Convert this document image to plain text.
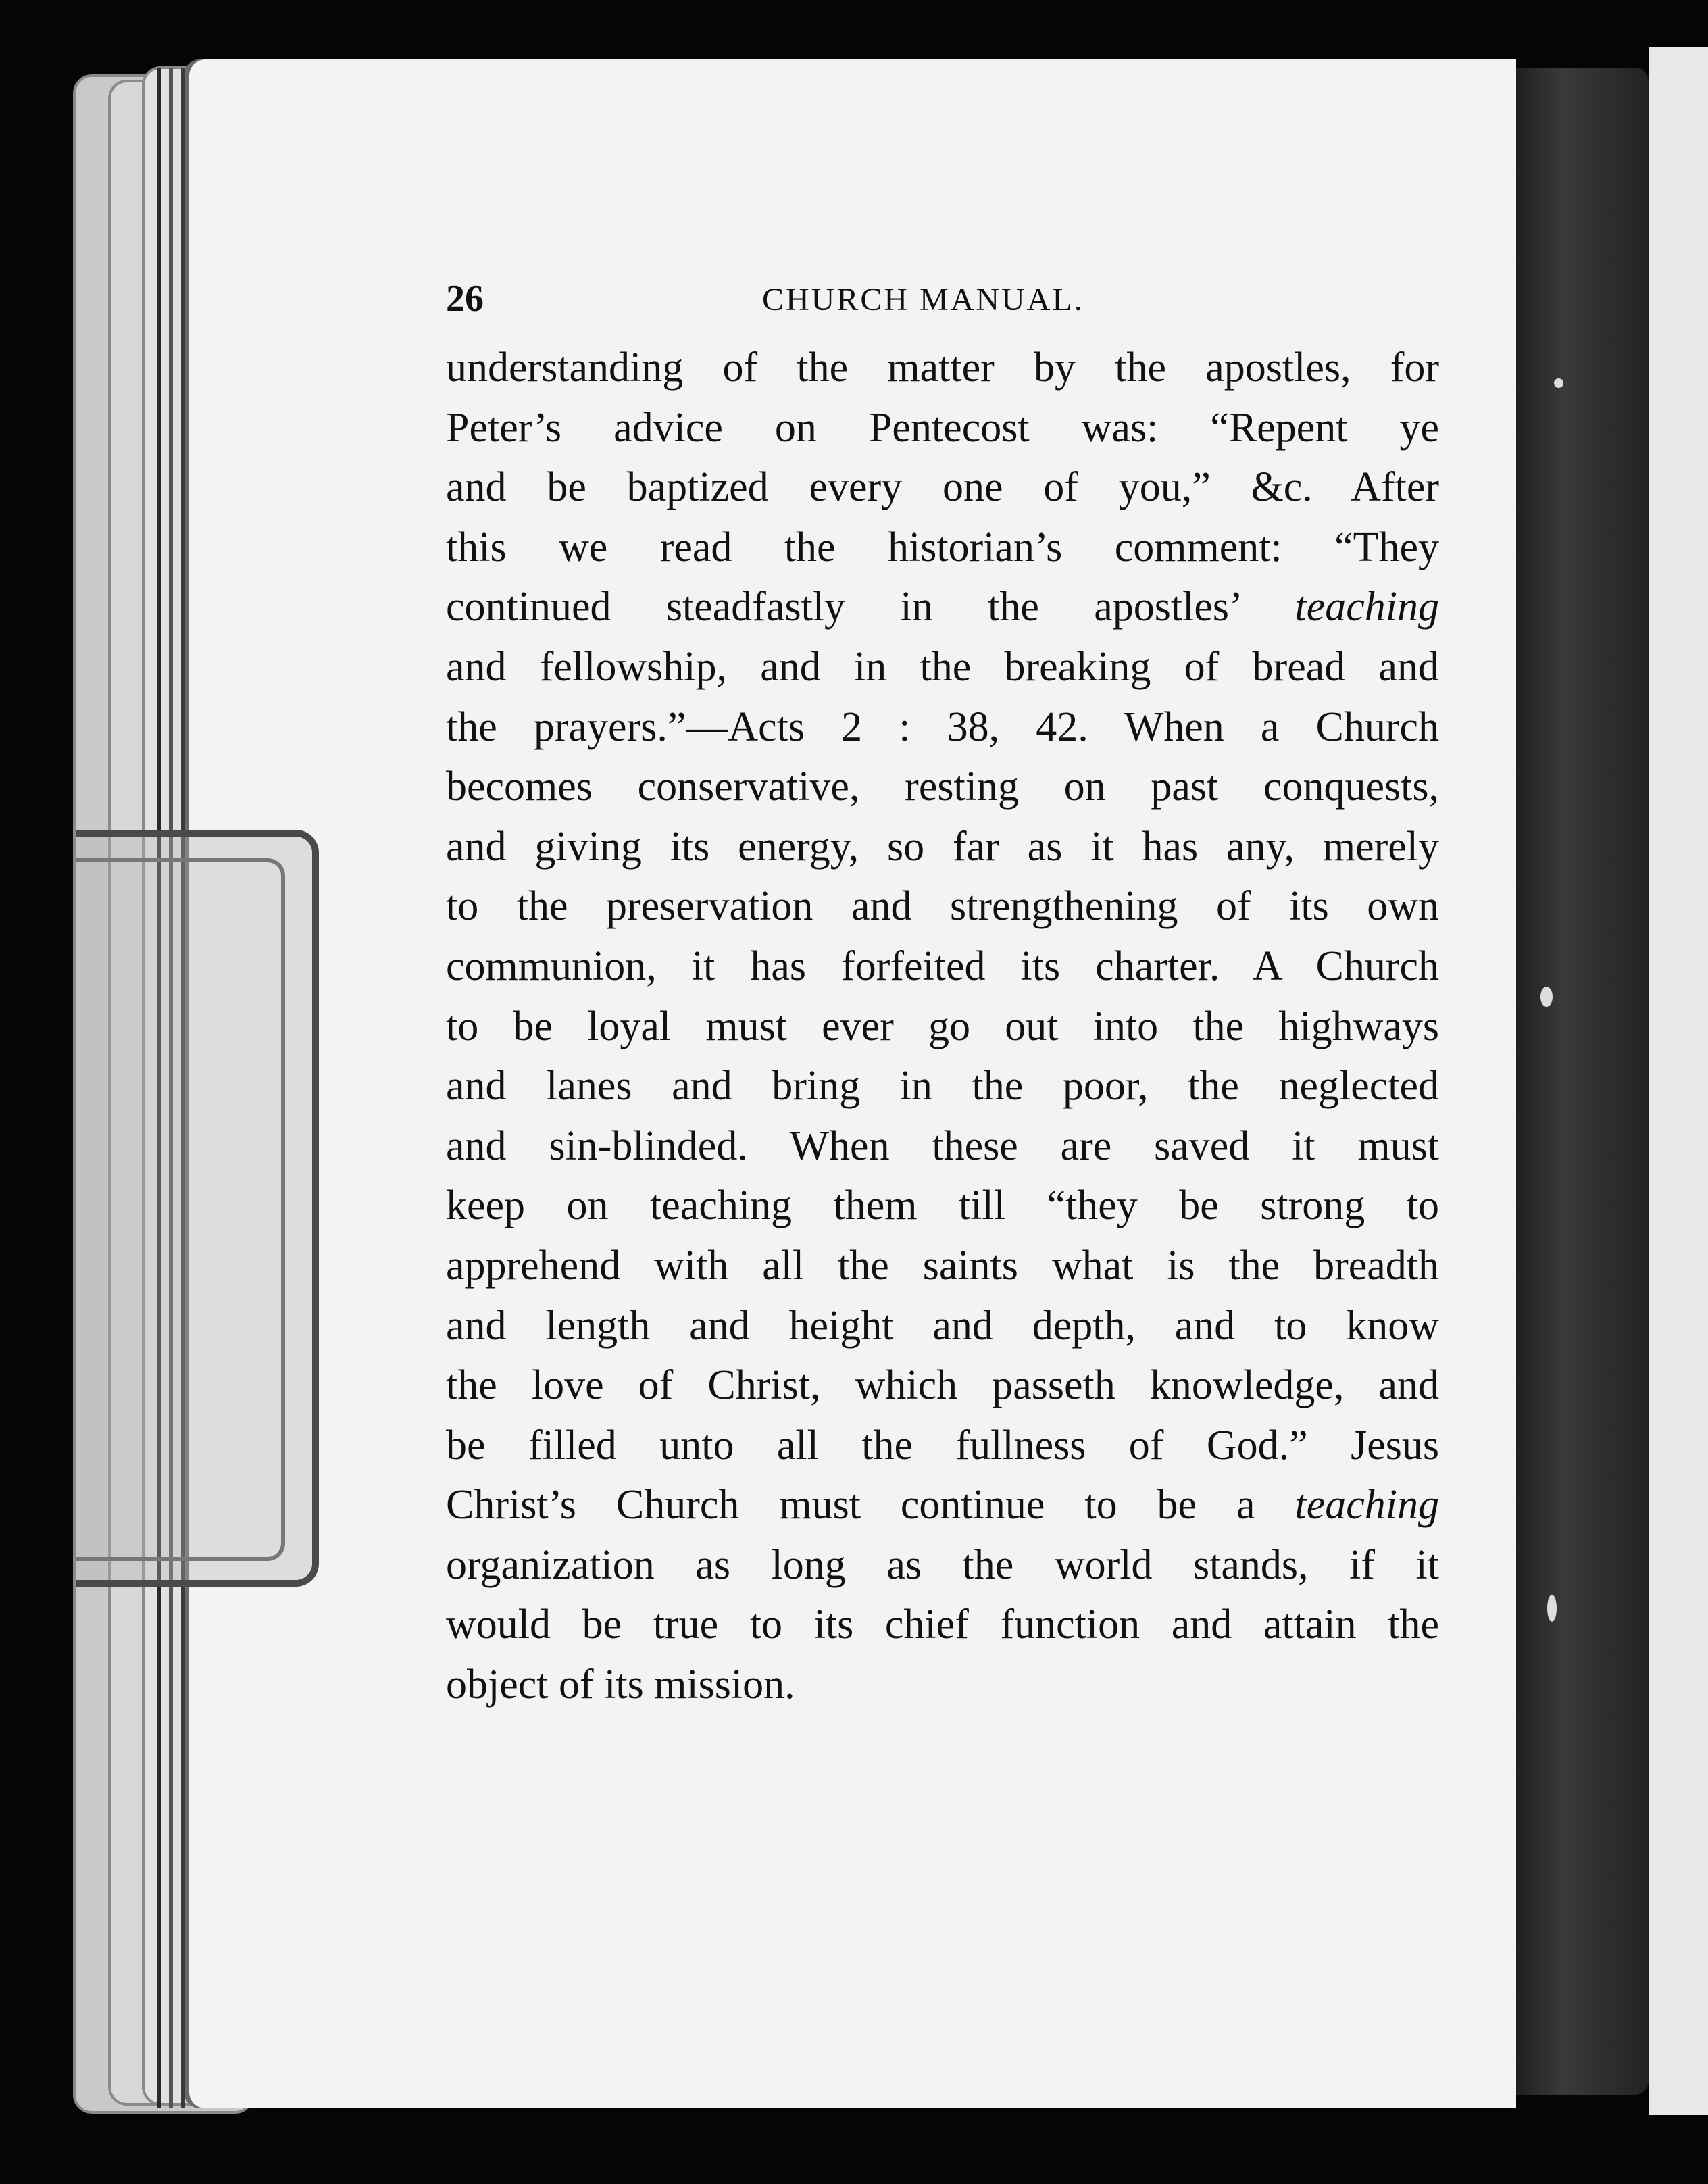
26	CHURCH MANUAL.
understanding of the matter by the apostles, for
Peter’s advice on Pentecost was: “Repent ye
and be baptized every one of you,” &c. After
this we read the historian’s comment: “They
continued steadfastly in the apostles’ teaching
and fellowship, and in the breaking of bread and
the prayers.”—Acts 2 : 38, 42. When a Church
becomes conservative, resting on past conquests,
and giving its energy, so far as it has any, merely
to the preservation and strengthening of its own
communion, it has forfeited its charter. A Church
to be loyal must ever go out into the highways
and lanes and bring in the poor, the neglected
and sin-blinded. When these are saved it must
keep on teaching them till “they be strong to
apprehend with all the saints what is the breadth
and length and height and depth, and to know
the love of Christ, which passeth knowledge, and
be filled unto all the fullness of God.” Jesus
Christ’s Church must continue to be a teaching
organization as long as the world stands, if it
would be true to its chief function and attain the
object of its mission.
